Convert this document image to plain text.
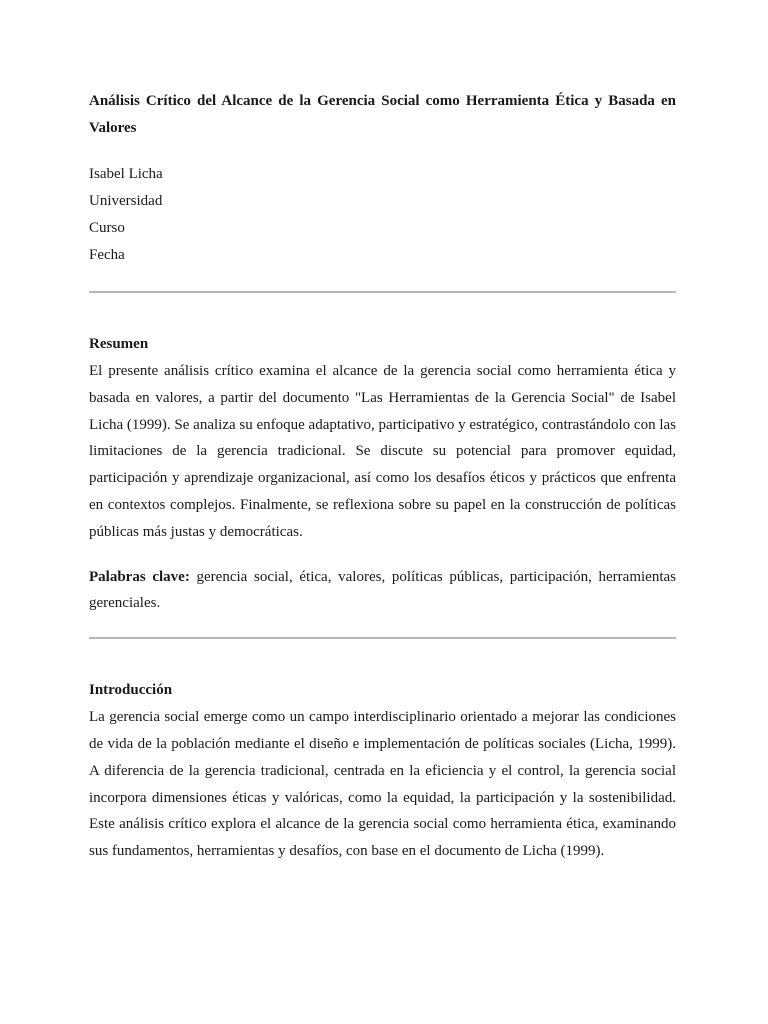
Análisis Crítico del Alcance de la Gerencia Social como Herramienta Ética y Basada en Valores

Isabel Licha
Universidad
Curso
Fecha

Resumen

El presente análisis crítico examina el alcance de la gerencia social como herramienta ética y basada en valores, a partir del documento "Las Herramientas de la Gerencia Social" de Isabel Licha (1999). Se analiza su enfoque adaptativo, participativo y estratégico, contrastándolo con las limitaciones de la gerencia tradicional. Se discute su potencial para promover equidad, participación y aprendizaje organizacional, así como los desafíos éticos y prácticos que enfrenta en contextos complejos. Finalmente, se reflexiona sobre su papel en la construcción de políticas públicas más justas y democráticas.

Palabras clave: gerencia social, ética, valores, políticas públicas, participación, herramientas gerenciales.

Introducción

La gerencia social emerge como un campo interdisciplinario orientado a mejorar las condiciones de vida de la población mediante el diseño e implementación de políticas sociales (Licha, 1999). A diferencia de la gerencia tradicional, centrada en la eficiencia y el control, la gerencia social incorpora dimensiones éticas y valóricas, como la equidad, la participación y la sostenibilidad. Este análisis crítico explora el alcance de la gerencia social como herramienta ética, examinando sus fundamentos, herramientas y desafíos, con base en el documento de Licha (1999).
